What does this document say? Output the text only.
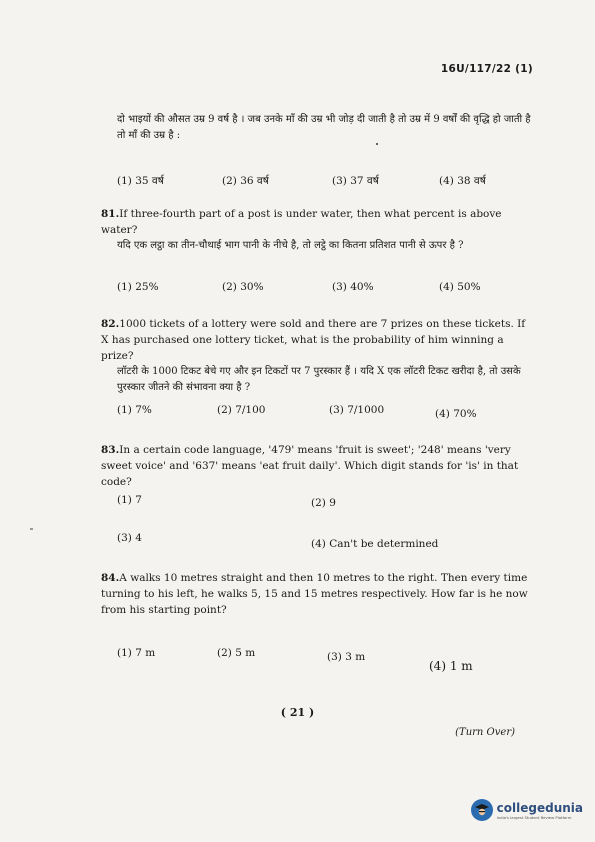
16U/117/22 (1)

दो भाइयों की औसत उम्र 9 वर्ष है । जब उनके माँ की उम्र भी जोड़ दी जाती है तो उम्र में 9 वर्षों की वृद्धि हो जाती है तो माँ की उम्र है :

(1) 35 वर्ष	(2) 36 वर्ष	(3) 37 वर्ष	(4) 38 वर्ष

81.If three-fourth part of a post is under water, then what percent is above water?

यदि एक लट्ठा का तीन-चौथाई भाग पानी के नीचे है, तो लट्ठे का कितना प्रतिशत पानी से ऊपर है ?

(1) 25%	(2) 30%	(3) 40%	(4) 50%

82.1000 tickets of a lottery were sold and there are 7 prizes on these tickets. If X has purchased one lottery ticket, what is the probability of him winning a prize?

लॉटरी के 1000 टिकट बेचे गए और इन टिकटों पर 7 पुरस्कार हैं । यदि X एक लॉटरी टिकट खरीदा है, तो उसके पुरस्कार जीतने की संभावना क्या है ?

(1) 7%	(2) 7/100	(3) 7/1000	(4) 70%

83.In a certain code language, '479' means 'fruit is sweet'; '248' means 'very sweet voice' and '637' means 'eat fruit daily'. Which digit stands for 'is' in that code?

(1) 7	(2) 9
(3) 4	(4) Can't be determined

84.A walks 10 metres straight and then 10 metres to the right. Then every time turning to his left, he walks 5, 15 and 15 metres respectively. How far is he now from his starting point?

(1) 7 m	(2) 5 m	(3) 3 m
(4) 1 m
( 21 )
(Turn Over)
collegedunia
India's largest Student Review Platform
